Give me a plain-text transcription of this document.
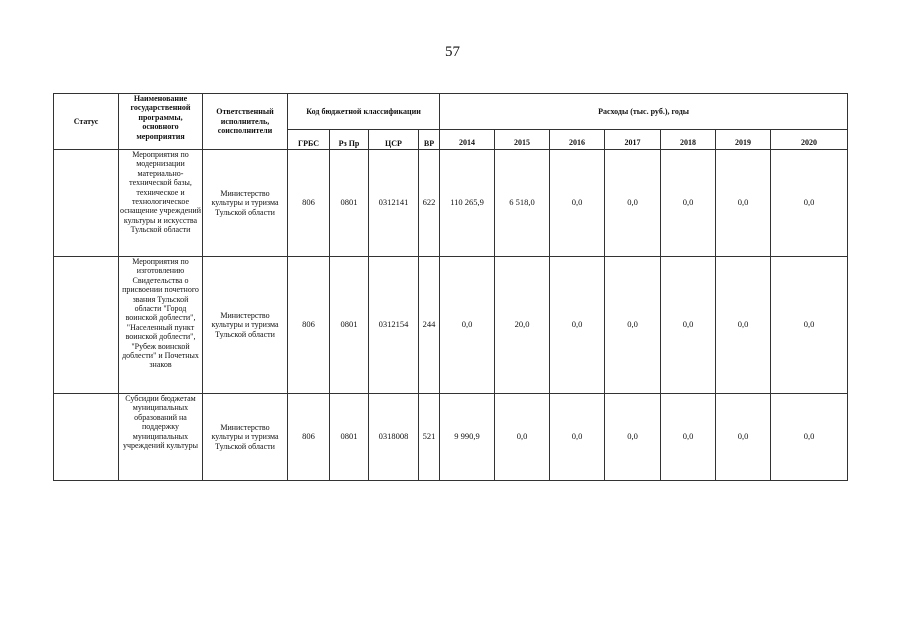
57
Статус	Наименование государственной программы, основного мероприятия	Ответственный исполнитель, соисполнители	Код бюджетной классификации				Расходы (тыс. руб.), годы						
			ГРБС	Рз Пр	ЦСР	ВР	2014	2015	2016	2017	2018	2019	2020
	Мероприятия по модернизации материально-технической базы, техническое и технологическое оснащение учреждений культуры и искусства Тульской области	Министерство культуры и туризма Тульской области	806	0801	0312141	622	110 265,9	6 518,0	0,0	0,0	0,0	0,0	0,0
	Мероприятия по изготовлению Свидетельства о присвоении почетного звания Тульской области "Город воинской доблести", "Населенный пункт воинской доблести", "Рубеж воинской доблести" и Почетных знаков	Министерство культуры и туризма Тульской области	806	0801	0312154	244	0,0	20,0	0,0	0,0	0,0	0,0	0,0
	Субсидии бюджетам муниципальных образований на поддержку муниципальных учреждений культуры	Министерство культуры и туризма Тульской области	806	0801	0318008	521	9 990,9	0,0	0,0	0,0	0,0	0,0	0,0
